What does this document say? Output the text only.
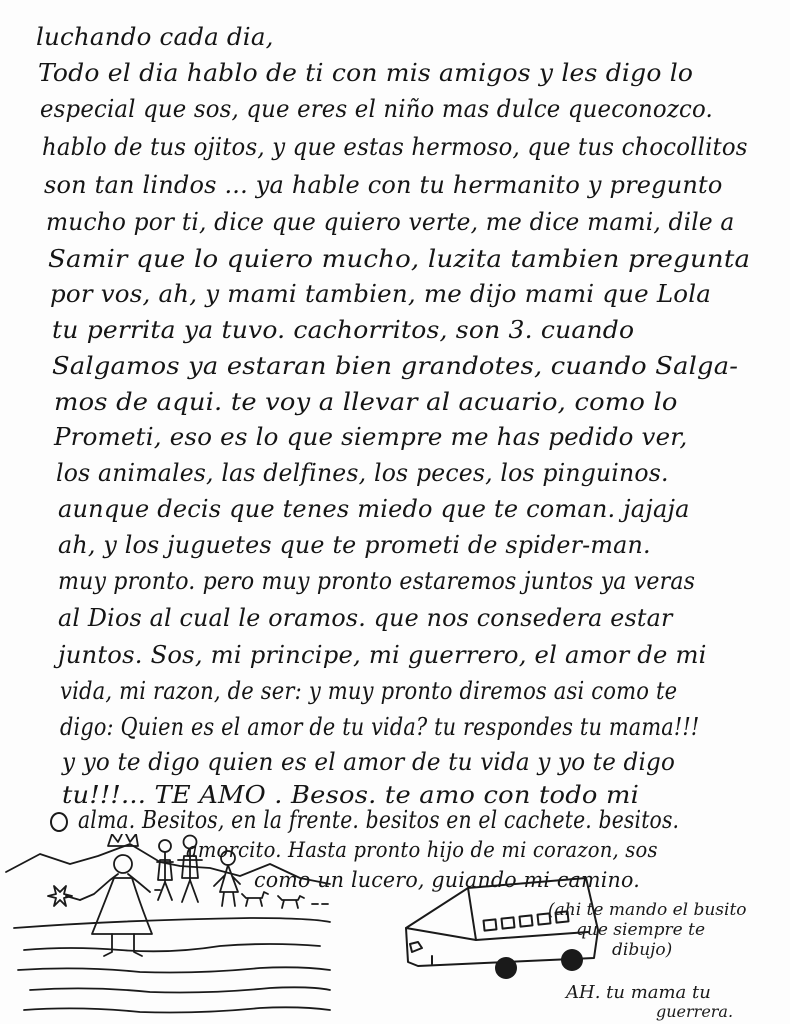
luchando cada dia,
Todo el dia hablo de ti con mis amigos y les digo lo
especial que sos, que eres el niño mas dulce queconozco.
hablo de tus ojitos, y que estas hermoso, que tus chocollitos
son tan lindos ... ya hable con tu hermanito y pregunto
mucho por ti, dice que quiero verte, me dice mami, dile a
Samir que lo quiero mucho, luzita tambien pregunta
por vos, ah, y mami tambien, me dijo mami que Lola
tu perrita ya tuvo. cachorritos, son 3. cuando
Salgamos ya estaran bien grandotes, cuando Salga-
mos de aqui. te voy a llevar al acuario, como lo
Prometi, eso es lo que siempre me has pedido ver,
los animales, las delfines, los peces, los pinguinos.
aunque decis que tenes miedo que te coman. jajaja
ah, y los juguetes que te prometi de spider-man.
muy pronto. pero muy pronto estaremos juntos ya veras
al Dios al cual le oramos. que nos consedera estar
juntos. Sos, mi principe, mi guerrero, el amor de mi
vida, mi razon, de ser: y muy pronto diremos asi como te
digo: Quien es el amor de tu vida? tu respondes tu mama!!!
y yo te digo quien es el amor de tu vida y yo te digo
tu!!!... TE AMO . Besos. te amo con todo mi
alma. Besitos, en la frente. besitos en el cachete. besitos.
amorcito. Hasta pronto hijo de mi corazon, sos
como un lucero, guiando mi camino.
(ahi te mando el busito
que siempre te
dibujo)
AH. tu mama tu
guerrera.
